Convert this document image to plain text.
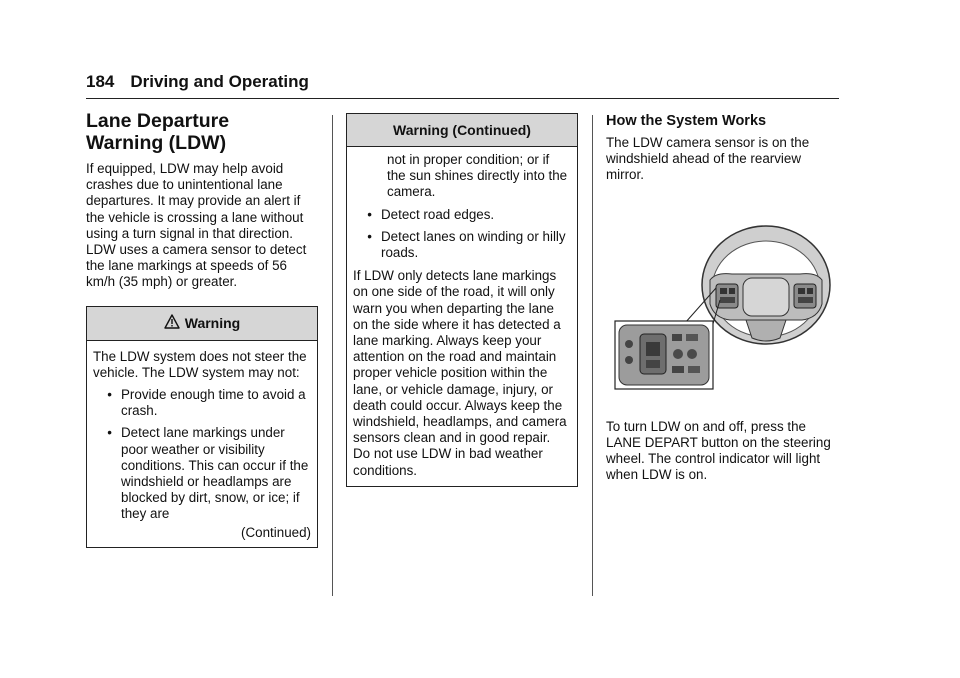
184 Driving and Operating
Lane Departure
Warning (LDW)

If equipped, LDW may help avoid crashes due to unintentional lane departures. It may provide an alert if the vehicle is crossing a lane without using a turn signal in that direction. LDW uses a camera sensor to detect the lane markings at speeds of 56 km/h (35 mph) or greater.

Warning

The LDW system does not steer the vehicle. The LDW system may not:

• Provide enough time to avoid a crash.
• Detect lane markings under poor weather or visibility conditions. This can occur if the windshield or headlamps are blocked by dirt, snow, or ice; if they are
(Continued)
Warning (Continued)

not in proper condition; or if the sun shines directly into the camera.

• Detect road edges.
• Detect lanes on winding or hilly roads.

If LDW only detects lane markings on one side of the road, it will only warn you when departing the lane on the side where it has detected a lane marking. Always keep your attention on the road and maintain proper vehicle position within the lane, or vehicle damage, injury, or death could occur. Always keep the windshield, headlamps, and camera sensors clean and in good repair. Do not use LDW in bad weather conditions.

How the System Works

The LDW camera sensor is on the windshield ahead of the rearview mirror.

To turn LDW on and off, press the LANE DEPART button on the steering wheel. The control indicator will light when LDW is on.
